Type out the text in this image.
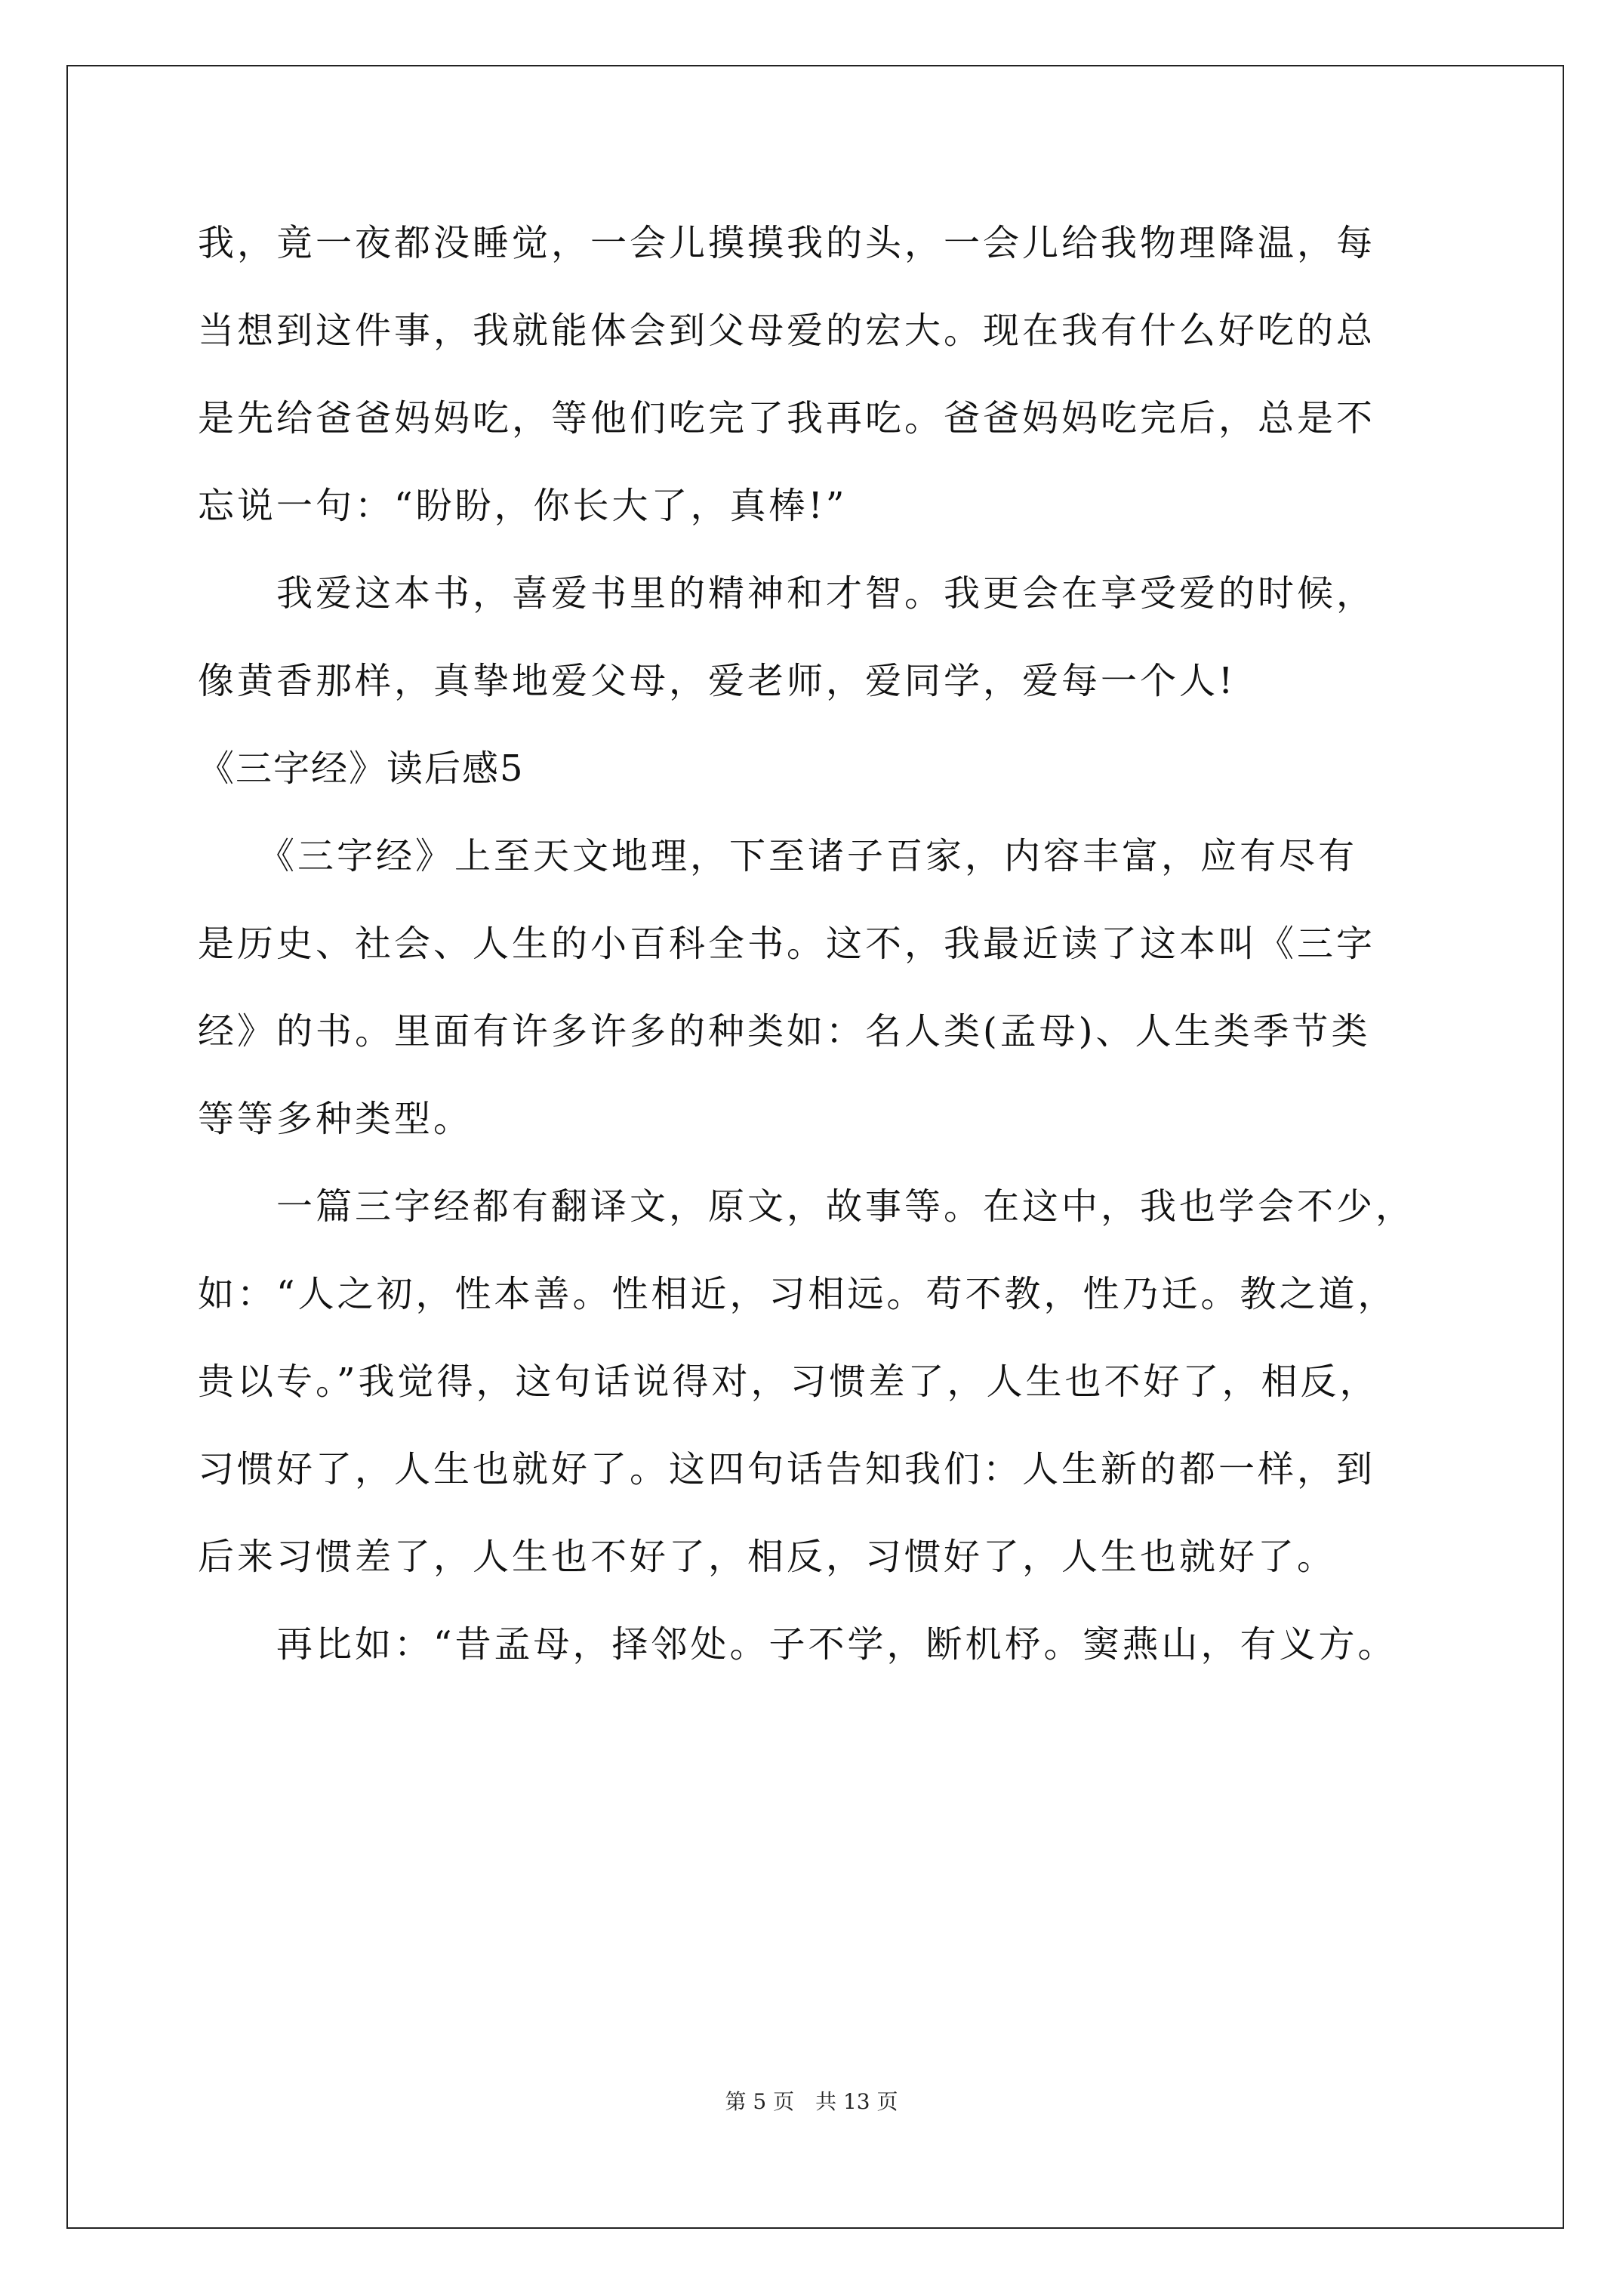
我，竟一夜都没睡觉，一会儿摸摸我的头，一会儿给我物理降温，每
当想到这件事，我就能体会到父母爱的宏大。现在我有什么好吃的总
是先给爸爸妈妈吃，等他们吃完了我再吃。爸爸妈妈吃完后，总是不
忘说一句：“盼盼，你长大了，真棒!”
　　我爱这本书，喜爱书里的精神和才智。我更会在享受爱的时候，
像黄香那样，真挚地爱父母，爱老师，爱同学，爱每一个人!
《三字经》读后感5
　　《三字经》上至天文地理，下至诸子百家，内容丰富，应有尽有
是历史、社会、人生的小百科全书。这不，我最近读了这本叫《三字
经》的书。里面有许多许多的种类如：名人类(孟母)、人生类季节类
等等多种类型。
　　一篇三字经都有翻译文，原文，故事等。在这中，我也学会不少，
如：“人之初，性本善。性相近，习相远。苟不教，性乃迁。教之道，
贵以专。”我觉得，这句话说得对，习惯差了，人生也不好了，相反，
习惯好了，人生也就好了。这四句话告知我们：人生新的都一样，到
后来习惯差了，人生也不好了，相反，习惯好了，人生也就好了。
　　再比如：“昔孟母，择邻处。子不学，断机杼。窦燕山，有义方。
第 5 页　共 13 页
